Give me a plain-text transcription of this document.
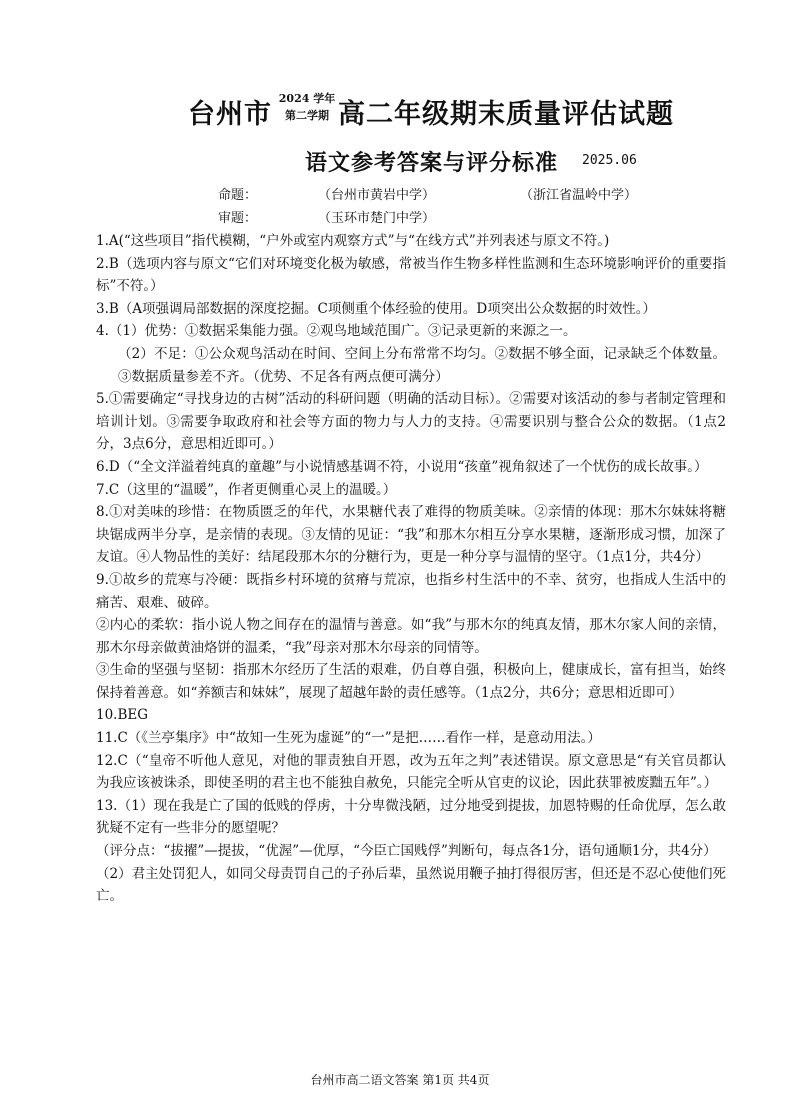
台州市
2024 学年
第二学期 高二年级期末质量评估试题
语文参考答案与评分标准 2025.06
命题：	（台州市黄岩中学）	（浙江省温岭中学）
审题：	（玉环市楚门中学）

1.A(“这些项目”指代模糊，“户外或室内观察方式”与“在线方式”并列表述与原文不符。)

2.B（选项内容与原文“它们对环境变化极为敏感，常被当作生物多样性监测和生态环境影响评价的重要指标”不符。）

3.B（A项强调局部数据的深度挖掘。C项侧重个体经验的使用。D项突出公众数据的时效性。）

4.（1）优势：①数据采集能力强。②观鸟地域范围广。③记录更新的来源之一。

（2）不足：①公众观鸟活动在时间、空间上分布常常不均匀。②数据不够全面，记录缺乏个体数量。③数据质量参差不齐。（优势、不足各有两点便可满分）

5.①需要确定“寻找身边的古树”活动的科研问题（明确的活动目标）。②需要对该活动的参与者制定管理和培训计划。③需要争取政府和社会等方面的物力与人力的支持。④需要识别与整合公众的数据。（1点2分，3点6分，意思相近即可。）

6.D（“全文洋溢着纯真的童趣”与小说情感基调不符，小说用“孩童”视角叙述了一个忧伤的成长故事。）

7.C（这里的“温暖”，作者更侧重心灵上的温暖。）

8.①对美味的珍惜：在物质匮乏的年代，水果糖代表了难得的物质美味。②亲情的体现：那木尔妹妹将糖块锯成两半分享，是亲情的表现。③友情的见证：“我”和那木尔相互分享水果糖，逐渐形成习惯，加深了友谊。④人物品性的美好：结尾段那木尔的分糖行为，更是一种分享与温情的坚守。（1点1分，共4分）

9.①故乡的荒寒与冷硬：既指乡村环境的贫瘠与荒凉，也指乡村生活中的不幸、贫穷，也指成人生活中的痛苦、艰难、破碎。

②内心的柔软：指小说人物之间存在的温情与善意。如“我”与那木尔的纯真友情，那木尔家人间的亲情，那木尔母亲做黄油烙饼的温柔，“我”母亲对那木尔母亲的同情等。

③生命的坚强与坚韧：指那木尔经历了生活的艰难，仍自尊自强，积极向上，健康成长，富有担当，始终保持着善意。如“养额吉和妹妹”，展现了超越年龄的责任感等。（1点2分，共6分；意思相近即可）

10.BEG

11.C（《兰亭集序》中“故知一生死为虚诞”的“一”是把……看作一样，是意动用法。）

12.C（“皇帝不听他人意见，对他的罪责独自开恩，改为五年之判”表述错误。原文意思是“有关官员都认为我应该被诛杀，即使圣明的君主也不能独自赦免，只能完全听从官吏的议论，因此获罪被废黜五年”。）

13.（1）现在我是亡了国的低贱的俘虏，十分卑微浅陋，过分地受到提拔，加恩特赐的任命优厚，怎么敢犹疑不定有一些非分的愿望呢？

（评分点：“拔擢”—提拔，“优渥”—优厚，“今臣亡国贱俘”判断句，每点各1分，语句通顺1分，共4分）

（2）君主处罚犯人，如同父母责罚自己的子孙后辈，虽然说用鞭子抽打得很厉害，但还是不忍心使他们死亡。

台州市高二语文答案 第1页 共4页
